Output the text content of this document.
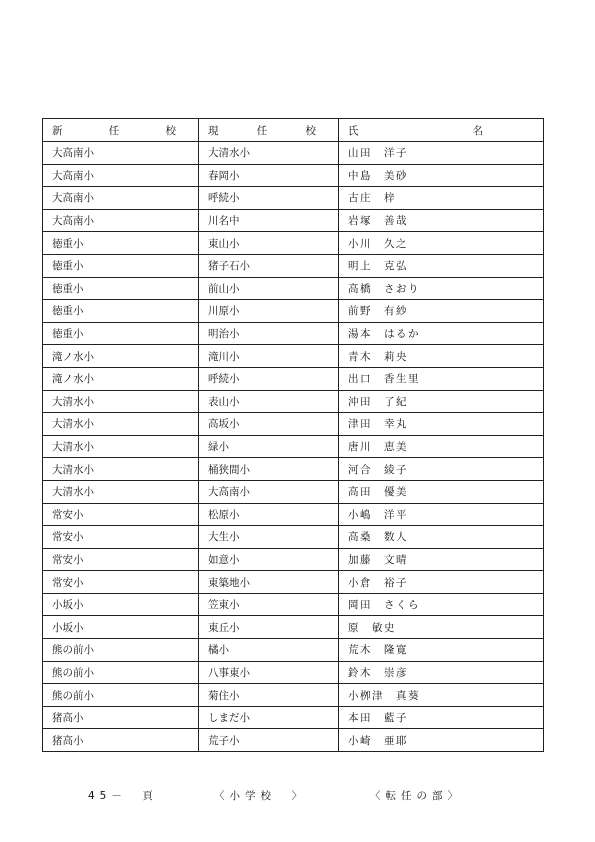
新 任 校	現 任 校	氏 名

大高南小	大清水小	山田　洋子
大高南小	春岡小	中島　美砂
大高南小	呼続小	古庄　梓
大高南小	川名中	岩塚　善哉
徳重小	東山小	小川　久之
徳重小	猪子石小	明上　克弘
徳重小	前山小	高橋　さおり
徳重小	川原小	前野　有紗
徳重小	明治小	湯本　はるか
滝ノ水小	滝川小	青木　莉央
滝ノ水小	呼続小	出口　香生里
大清水小	表山小	沖田　了紀
大清水小	高坂小	津田　幸丸
大清水小	緑小	唐川　恵美
大清水小	桶狭間小	河合　綾子
大清水小	大高南小	高田　優美
常安小	松原小	小嶋　洋平
常安小	大生小	高桑　数人
常安小	如意小	加藤　文晴
常安小	東築地小	小倉　裕子
小坂小	笠東小	岡田　さくら
小坂小	東丘小	原　敏史
熊の前小	橘小	荒木　隆寛
熊の前小	八事東小	鈴木　崇彦
熊の前小	菊住小	小栁津　真葵
猪高小	しまだ小	本田　藍子
猪高小	荒子小	小崎　亜耶
45－　頁	〈小学校　〉	〈転任の部〉
